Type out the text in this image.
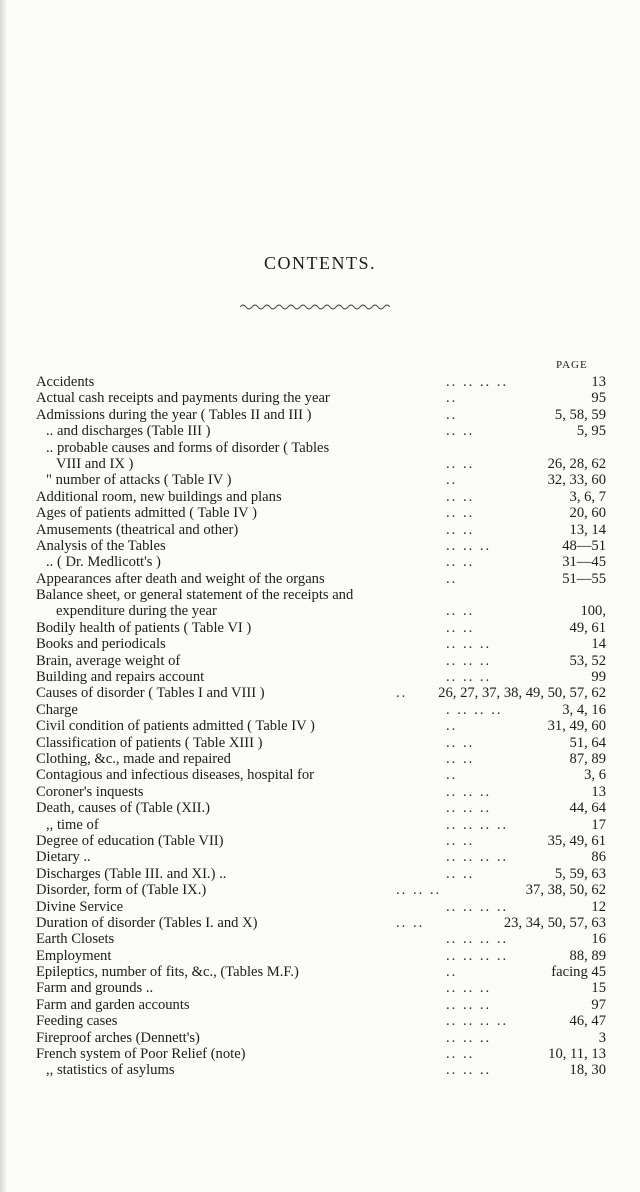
CONTENTS.
PAGE
Accidents	.. .. .. ..	13
Actual cash receipts and payments during the year	..	95
Admissions during the year ( Tables II and III )	..	5, 58, 59
.. and discharges (Table III )	.. ..	5, 95
.. probable causes and forms of disorder ( Tables
VIII and IX )	.. ..	26, 28, 62
" number of attacks ( Table IV )	..	32, 33, 60
Additional room, new buildings and plans	.. ..	3, 6, 7
Ages of patients admitted ( Table IV )	.. ..	20, 60
Amusements (theatrical and other)	.. ..	13, 14
Analysis of the Tables	.. .. ..	48—51
.. ( Dr. Medlicott's )	.. ..	31—45
Appearances after death and weight of the organs	..	51—55
Balance sheet, or general statement of the receipts and
expenditure during the year	.. ..	100,
Bodily health of patients ( Table VI )	.. ..	49, 61
Books and periodicals	.. .. ..	14
Brain, average weight of	.. .. ..	53, 52
Building and repairs account	.. .. ..	99
Causes of disorder ( Tables I and VIII )	.. 26, 27, 37, 38, 49, 50, 57, 62
Charge	. .. .. ..	3, 4, 16
Civil condition of patients admitted ( Table IV )	..	31, 49, 60
Classification of patients ( Table XIII )	.. ..	51, 64
Clothing, &c., made and repaired	.. ..	87, 89
Contagious and infectious diseases, hospital for	..	3, 6
Coroner's inquests	.. .. ..	13
Death, causes of (Table (XII.)	.. .. ..	44, 64
,, time of	.. .. .. ..	17
Degree of education (Table VII)	.. ..	35, 49, 61
Dietary ..	.. .. .. ..	86
Discharges (Table III. and XI.) ..	.. ..	5, 59, 63
Disorder, form of (Table IX.)	.. .. ..	37, 38, 50, 62
Divine Service	.. .. .. ..	12
Duration of disorder (Tables I. and X)	.. ..	23, 34, 50, 57, 63
Earth Closets	.. .. .. ..	16
Employment	.. .. .. ..	88, 89
Epileptics, number of fits, &c., (Tables M.F.)	..	facing 45
Farm and grounds ..	.. .. ..	15
Farm and garden accounts	.. .. ..	97
Feeding cases	.. .. .. ..	46, 47
Fireproof arches (Dennett's)	.. .. ..	3
French system of Poor Relief (note)	.. ..	10, 11, 13
,, statistics of asylums	.. .. ..	18, 30
